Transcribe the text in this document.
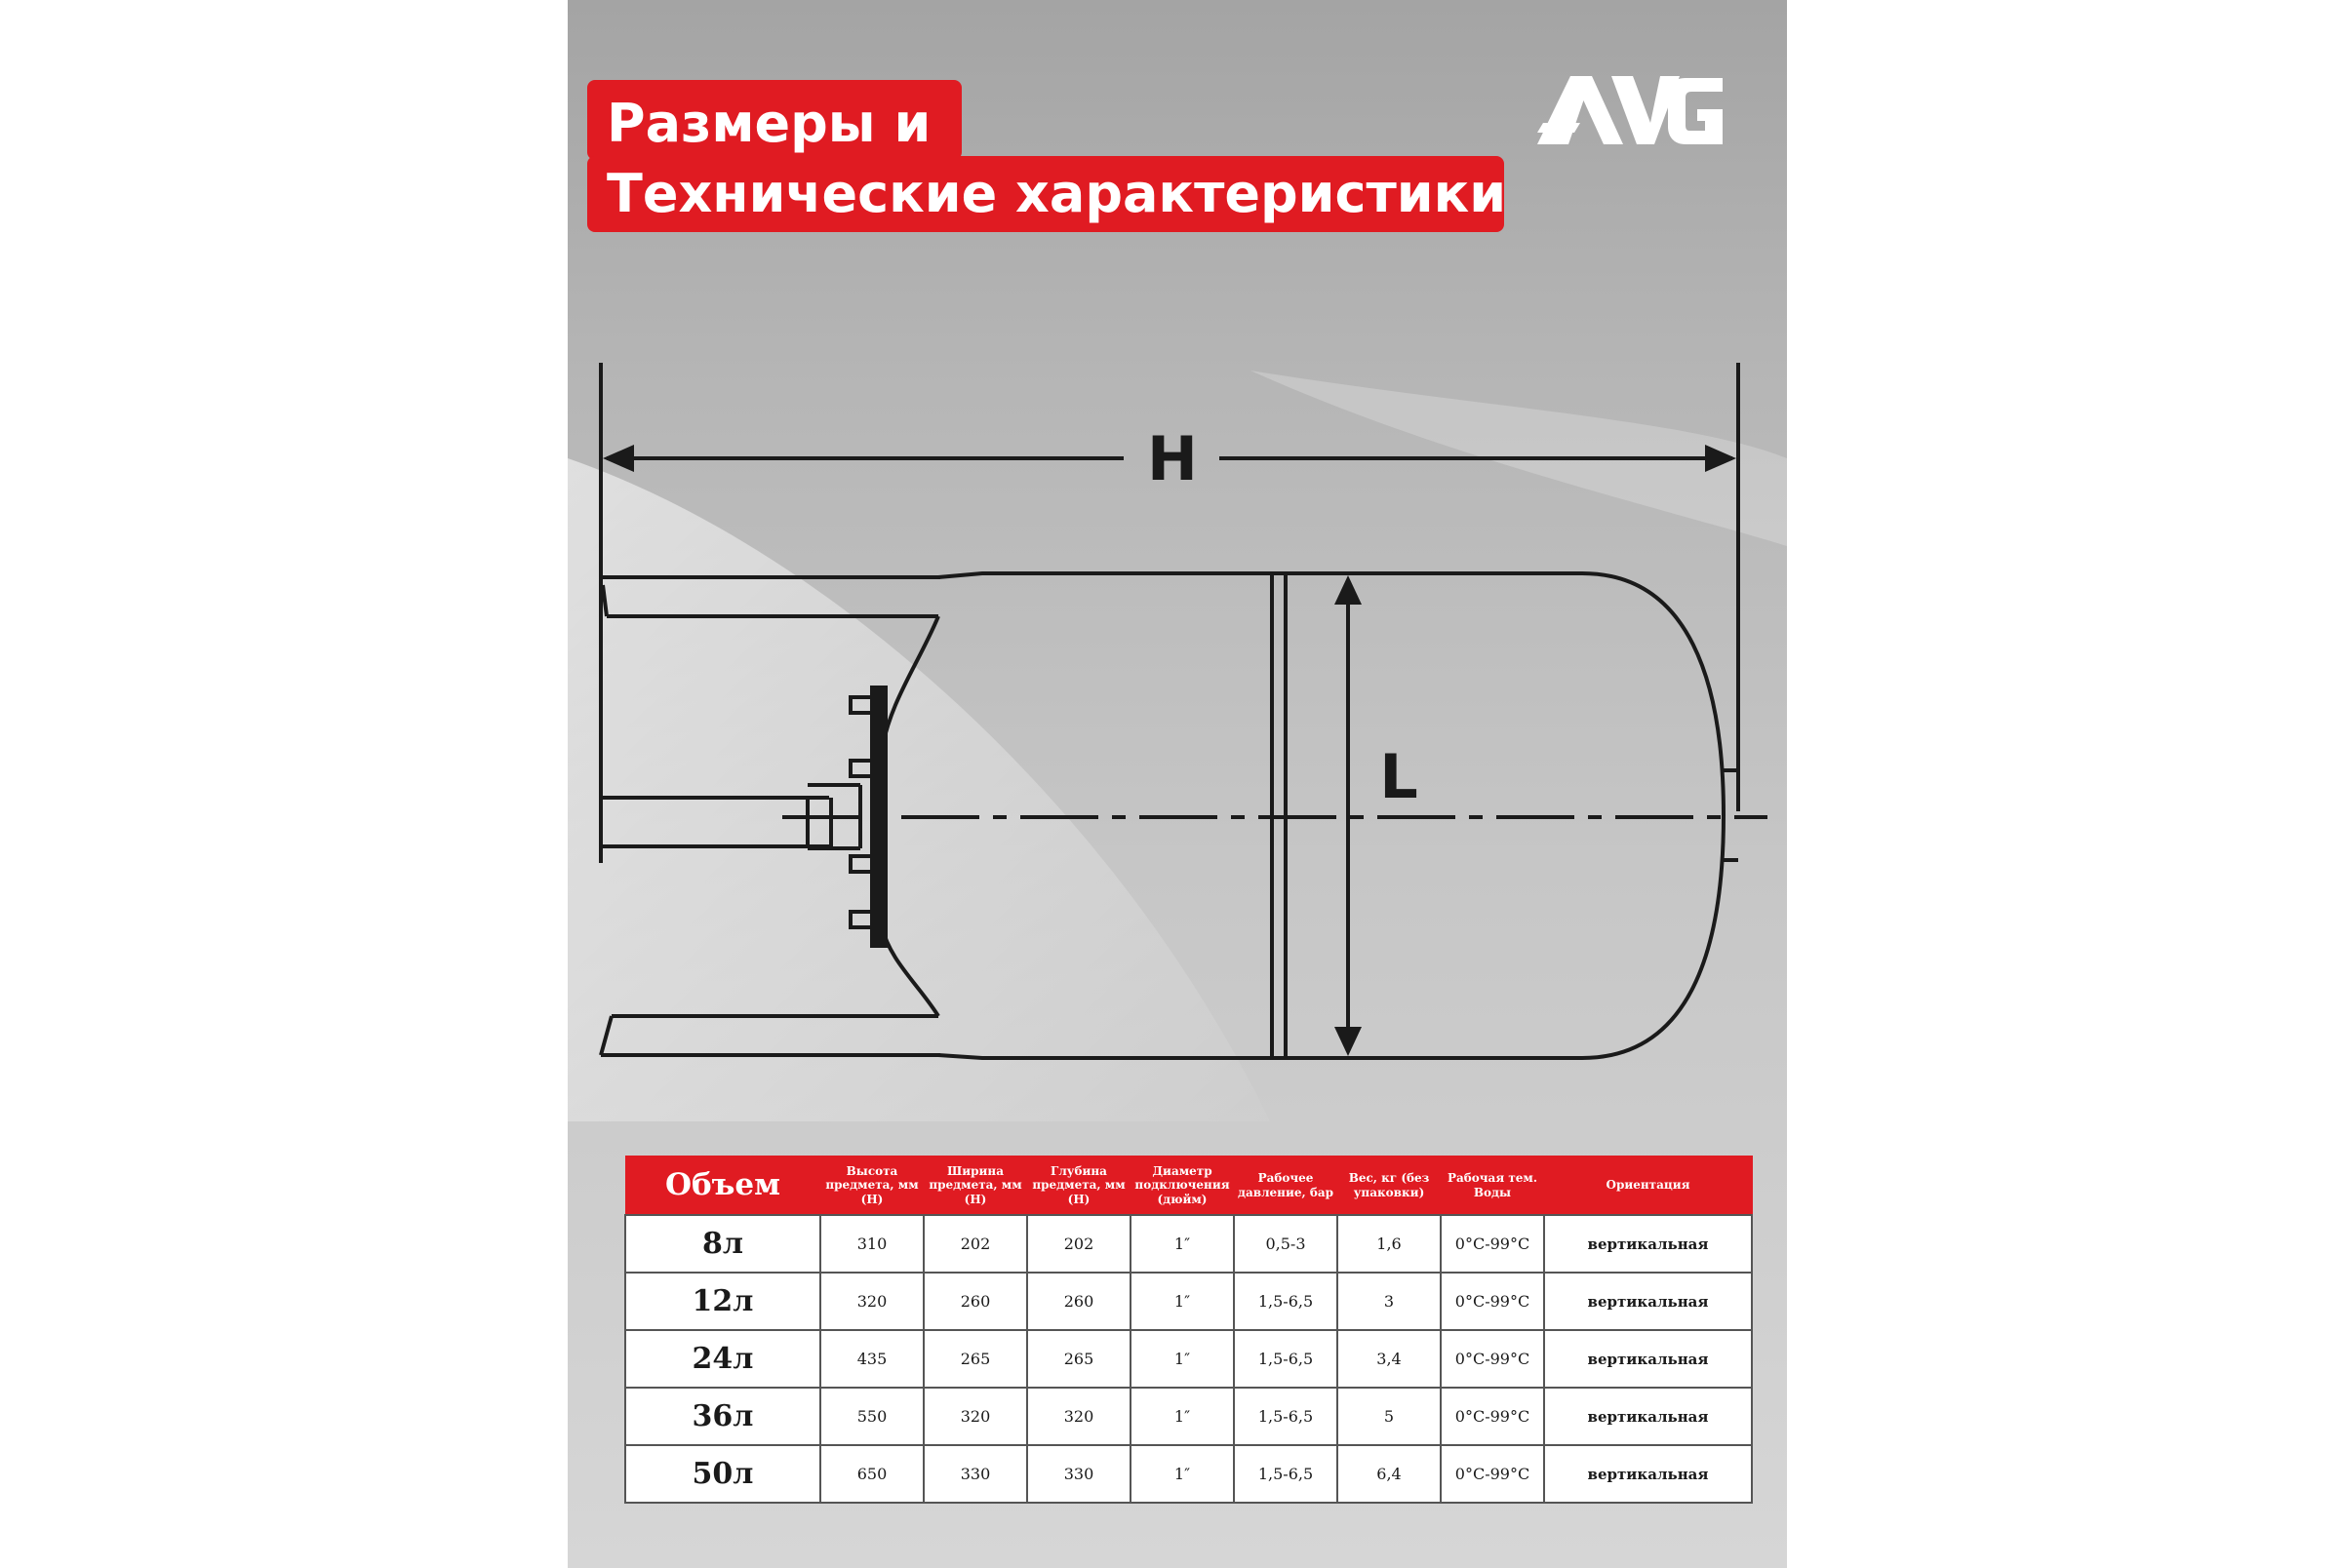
Размеры и
Технические характеристики
H
L
Объем	Высота предмета, мм (H)	Ширина предмета, мм (Н)	Глубина предмета, мм (Н)	Диаметр подключения (дюйм)	Рабочее давление, бар	Вес, кг (без упаковки)	Рабочая тем. Воды	Ориентация
8л	310	202	202	1″	0,5-3	1,6	0°C-99°C	вертикальная
12л	320	260	260	1″	1,5-6,5	3	0°C-99°C	вертикальная
24л	435	265	265	1″	1,5-6,5	3,4	0°C-99°C	вертикальная
36л	550	320	320	1″	1,5-6,5	5	0°C-99°C	вертикальная
50л	650	330	330	1″	1,5-6,5	6,4	0°C-99°C	вертикальная
